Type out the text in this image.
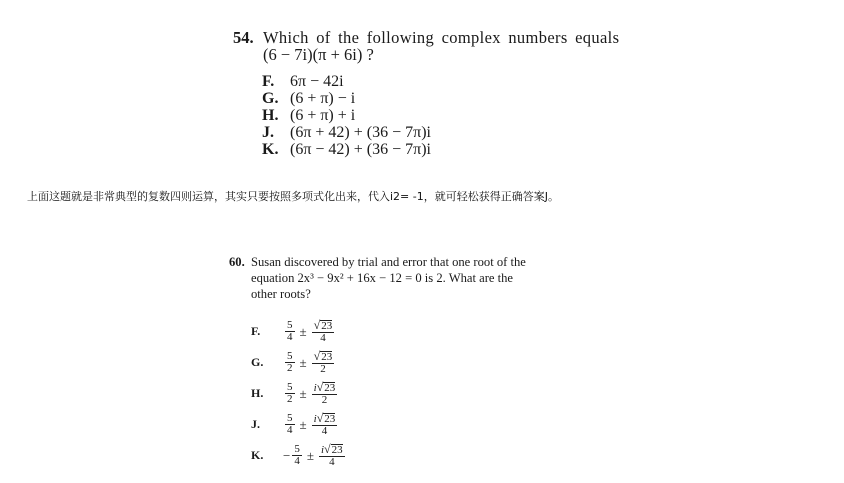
54. Which of the following complex numbers equals
(6 − 7i)(π + 6i) ?
F. 6π − 42i
G. (6 + π) − i
H. (6 + π) + i
J.	(6π + 42) + (36 − 7π)i
K. (6π − 42) + (36 − 7π)i
上面这题就是非常典型的复数四则运算，其实只要按照多项式化出来，代入i2= -1，就可轻松获得正确答案J。
60. Susan discovered by trial and error that one root of the
equation 2x³ − 9x² + 16x − 12 = 0 is 2. What are the
other roots?
F.	$\frac{5}{4} \pm \frac{√ 23}{4}$
G.	$\frac{5}{2} \pm \frac{√ 23}{2}$
H.	$\frac{5}{2} \pm \frac{i √ 23}{2}$
J.	$\frac{5}{4} \pm \frac{i √ 23}{4}$
K.	− $\frac{5}{4} \pm \frac{i √ 23}{4}$
